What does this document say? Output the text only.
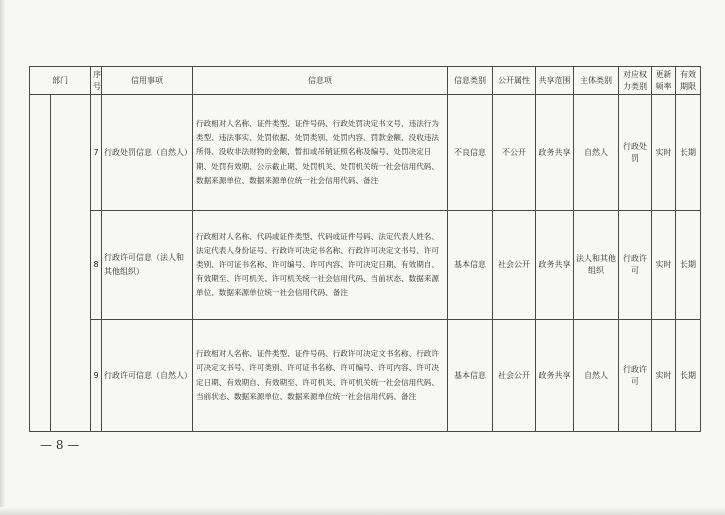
部门	序号	信用事项	信息项	信息类别	公开属性	共享范围	主体类别	对应权力类别	更新频率	有效期限

	7	行政处罚信息（自然人）	行政相对人名称、证件类型、证件号码、行政处罚决定书文号、违法行为类型、违法事实、处罚依据、处罚类别、处罚内容、罚款金额、没收违法所得、没收非法财物的金额，暂扣或吊销证照名称及编号、处罚决定日期、处罚有效期、公示截止期、处罚机关、处罚机关统一社会信用代码、数据来源单位、数据来源单位统一社会信用代码、备注	不良信息	不公开	政务共享	自然人	行政处罚	实时	长期
	8	行政许可信息（法人和其他组织）	行政相对人名称、代码或证件类型、代码或证件号码、法定代表人姓名、法定代表人身份证号、行政许可决定书名称、行政许可决定文书号、许可类别、许可证书名称、许可编号、许可内容、许可决定日期、有效期自、有效期至、许可机关、许可机关统一社会信用代码、当前状态、数据来源单位、数据来源单位统一社会信用代码、备注	基本信息	社会公开	政务共享	法人和其他组织	行政许可	实时	长期
	9	行政许可信息（自然人）	行政相对人名称、证件类型、证件号码、行政许可决定文书名称、行政许可决定文书号、许可类别、许可证书名称、许可编号、许可内容、许可决定日期、有效期自、有效期至、许可机关、许可机关统一社会信用代码、当前状态、数据来源单位、数据来源单位统一社会信用代码、备注	基本信息	社会公开	政务共享	自然人	行政许可	实时	长期
— 8 —
